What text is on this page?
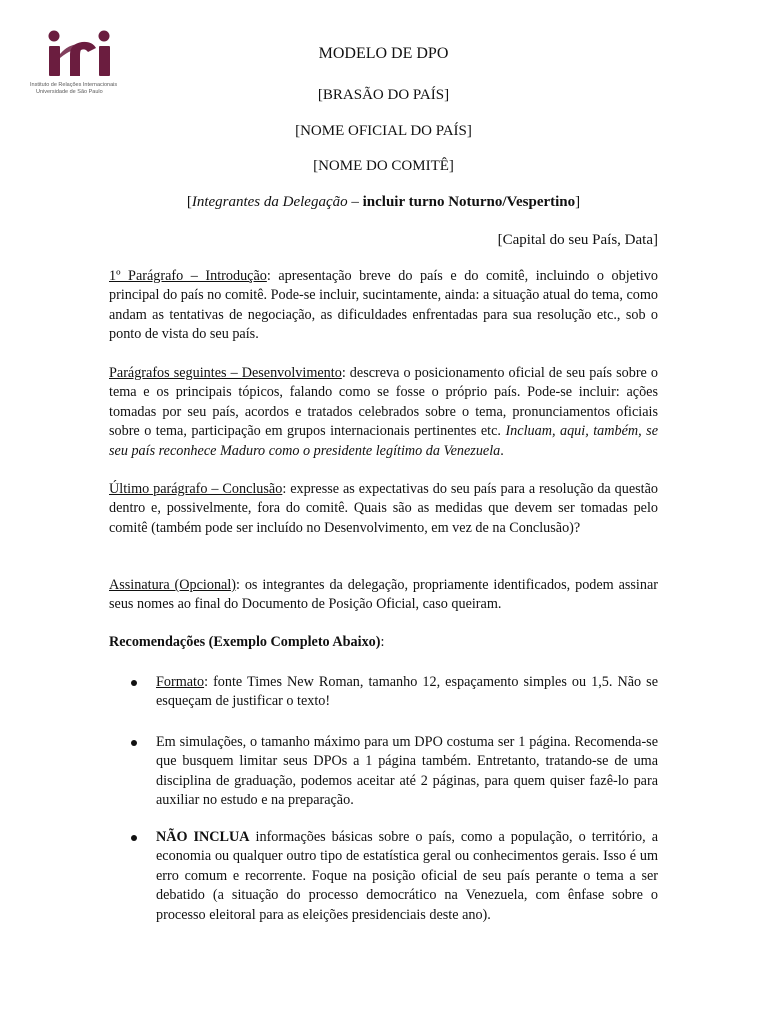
Instituto de Relações Internacionais
Universidade de São Paulo
MODELO DE DPO
[BRASÃO DO PAÍS]
[NOME OFICIAL DO PAÍS]
[NOME DO COMITÊ]
[Integrantes da Delegação – incluir turno Noturno/Vespertino]
[Capital do seu País, Data]
1º Parágrafo – Introdução: apresentação breve do país e do comitê, incluindo o objetivo principal do país no comitê. Pode-se incluir, sucintamente, ainda: a situação atual do tema, como andam as tentativas de negociação, as dificuldades enfrentadas para sua resolução etc., sob o ponto de vista do seu país.
Parágrafos seguintes – Desenvolvimento: descreva o posicionamento oficial de seu país sobre o tema e os principais tópicos, falando como se fosse o próprio país. Pode-se incluir: ações tomadas por seu país, acordos e tratados celebrados sobre o tema, pronunciamentos oficiais sobre o tema, participação em grupos internacionais pertinentes etc. Incluam, aqui, também, se seu país reconhece Maduro como o presidente legítimo da Venezuela.
Último parágrafo – Conclusão: expresse as expectativas do seu país para a resolução da questão dentro e, possivelmente, fora do comitê. Quais são as medidas que devem ser tomadas pelo comitê (também pode ser incluído no Desenvolvimento, em vez de na Conclusão)?
Assinatura (Opcional): os integrantes da delegação, propriamente identificados, podem assinar seus nomes ao final do Documento de Posição Oficial, caso queiram.
Recomendações (Exemplo Completo Abaixo):
Formato: fonte Times New Roman, tamanho 12, espaçamento simples ou 1,5. Não se esqueçam de justificar o texto!
Em simulações, o tamanho máximo para um DPO costuma ser 1 página. Recomenda-se que busquem limitar seus DPOs a 1 página também. Entretanto, tratando-se de uma disciplina de graduação, podemos aceitar até 2 páginas, para quem quiser fazê-lo para auxiliar no estudo e na preparação.
NÃO INCLUA informações básicas sobre o país, como a população, o território, a economia ou qualquer outro tipo de estatística geral ou conhecimentos gerais. Isso é um erro comum e recorrente. Foque na posição oficial de seu país perante o tema a ser debatido (a situação do processo democrático na Venezuela, com ênfase sobre o processo eleitoral para as eleições presidenciais deste ano).
